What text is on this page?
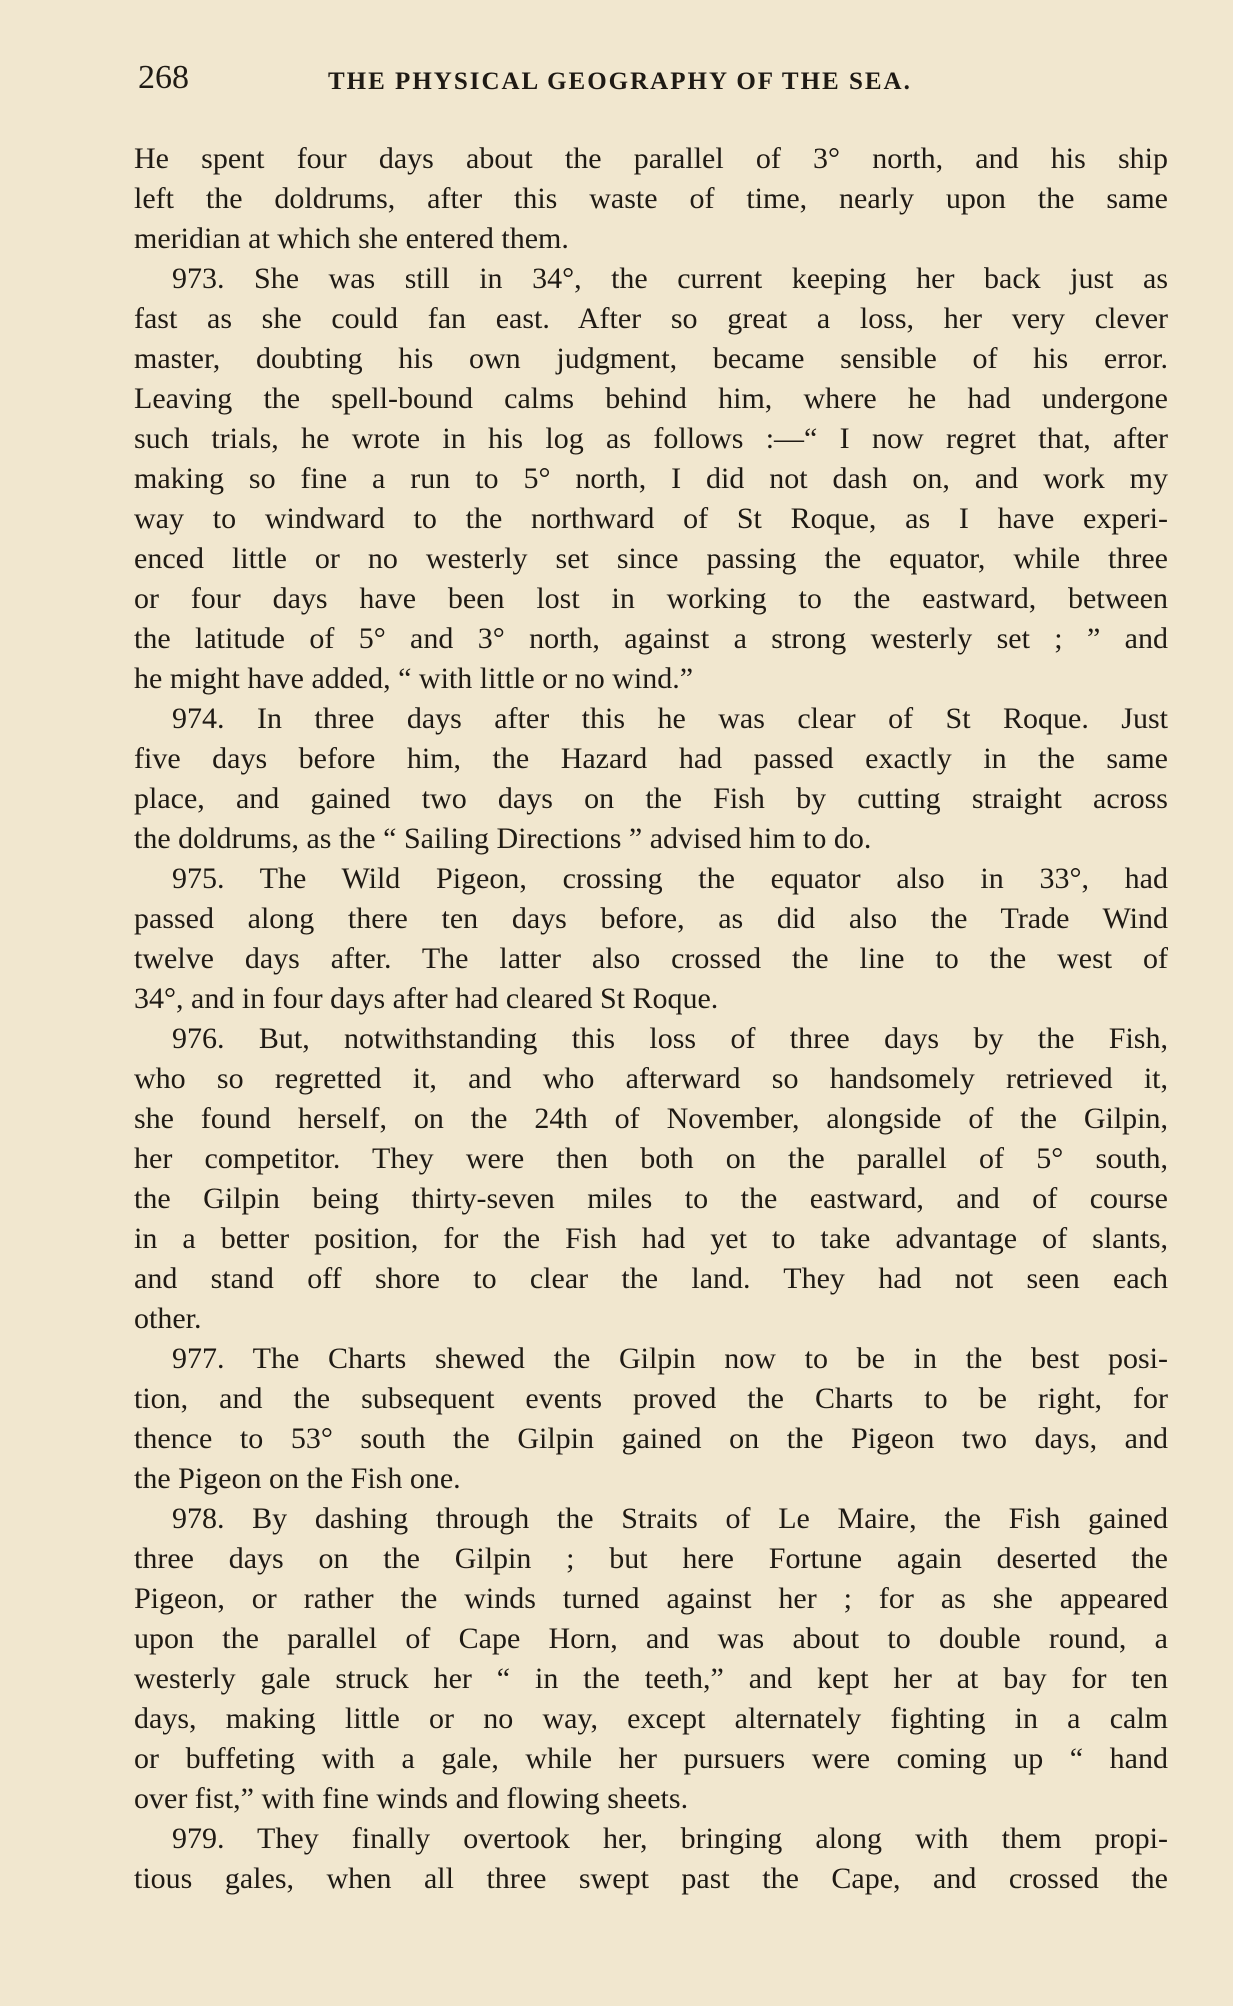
268	THE PHYSICAL GEOGRAPHY OF THE SEA.
He spent four days about the parallel of 3° north, and his ship
left the doldrums, after this waste of time, nearly upon the same
meridian at which she entered them.
973. She was still in 34°, the current keeping her back just as
fast as she could fan east. After so great a loss, her very clever
master, doubting his own judgment, became sensible of his error.
Leaving the spell-bound calms behind him, where he had undergone
such trials, he wrote in his log as follows :—“ I now regret that, after
making so fine a run to 5° north, I did not dash on, and work my
way to windward to the northward of St Roque, as I have experi-
enced little or no westerly set since passing the equator, while three
or four days have been lost in working to the eastward, between
the latitude of 5° and 3° north, against a strong westerly set ; ” and
he might have added, “ with little or no wind.”
974. In three days after this he was clear of St Roque. Just
five days before him, the Hazard had passed exactly in the same
place, and gained two days on the Fish by cutting straight across
the doldrums, as the “ Sailing Directions ” advised him to do.
975. The Wild Pigeon, crossing the equator also in 33°, had
passed along there ten days before, as did also the Trade Wind
twelve days after. The latter also crossed the line to the west of
34°, and in four days after had cleared St Roque.
976. But, notwithstanding this loss of three days by the Fish,
who so regretted it, and who afterward so handsomely retrieved it,
she found herself, on the 24th of November, alongside of the Gilpin,
her competitor. They were then both on the parallel of 5° south,
the Gilpin being thirty-seven miles to the eastward, and of course
in a better position, for the Fish had yet to take advantage of slants,
and stand off shore to clear the land. They had not seen each
other.
977. The Charts shewed the Gilpin now to be in the best posi-
tion, and the subsequent events proved the Charts to be right, for
thence to 53° south the Gilpin gained on the Pigeon two days, and
the Pigeon on the Fish one.
978. By dashing through the Straits of Le Maire, the Fish gained
three days on the Gilpin ; but here Fortune again deserted the
Pigeon, or rather the winds turned against her ; for as she appeared
upon the parallel of Cape Horn, and was about to double round, a
westerly gale struck her “ in the teeth,” and kept her at bay for ten
days, making little or no way, except alternately fighting in a calm
or buffeting with a gale, while her pursuers were coming up “ hand
over fist,” with fine winds and flowing sheets.
979. They finally overtook her, bringing along with them propi-
tious gales, when all three swept past the Cape, and crossed the
